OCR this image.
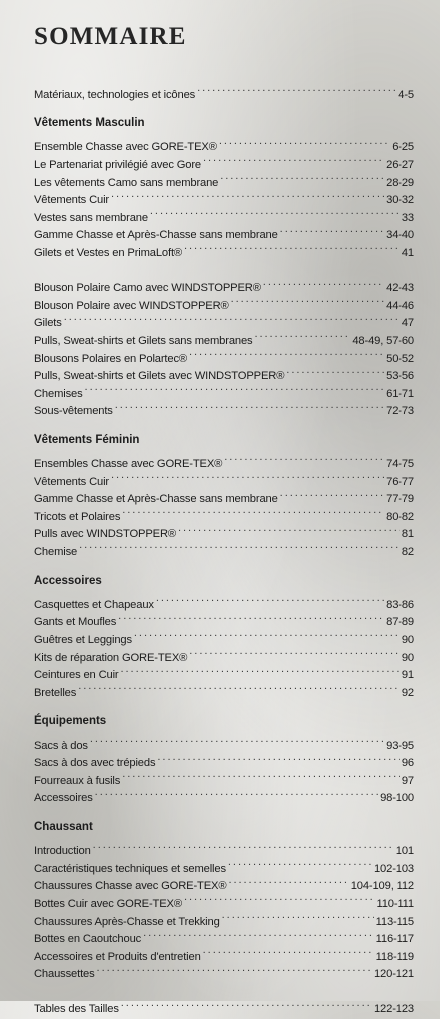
SOMMAIRE
Matériaux, technologies et icônes . . .	4-5
Vêtements Masculin
Ensemble Chasse avec GORE-TEX® . . .	6-25
Le Partenariat privilégié avec Gore . . .	26-27
Les vêtements Camo sans membrane . . .	28-29
Vêtements Cuir . . .	30-32
Vestes sans membrane . . .	33
Gamme Chasse et Après-Chasse sans membrane . . .	34-40
Gilets et Vestes en PrimaLoft® . . .	41
Blouson Polaire Camo avec WINDSTOPPER® . . .	42-43
Blouson Polaire avec WINDSTOPPER® . . .	44-46
Gilets . . .	47
Pulls, Sweat-shirts et Gilets sans membranes . . .	48-49, 57-60
Blousons Polaires en Polartec® . . .	50-52
Pulls, Sweat-shirts et Gilets avec WINDSTOPPER® . . .	53-56
Chemises . . .	61-71
Sous-vêtements . . .	72-73
Vêtements Féminin
Ensembles Chasse avec GORE-TEX® . . .	74-75
Vêtements Cuir . . .	76-77
Gamme Chasse et Après-Chasse sans membrane . . .	77-79
Tricots et Polaires . . .	80-82
Pulls avec WINDSTOPPER® . . .	81
Chemise . . .	82
Accessoires
Casquettes et Chapeaux . . .	83-86
Gants et Moufles . . .	87-89
Guêtres et Leggings . . .	90
Kits de réparation GORE-TEX® . . .	90
Ceintures en Cuir . . .	91
Bretelles . . .	92
Équipements
Sacs à dos . . .	93-95
Sacs à dos avec trépieds . . .	96
Fourreaux à fusils . . .	97
Accessoires . . .	98-100
Chaussant
Introduction . . .	101
Caractéristiques techniques et semelles . . .	102-103
Chaussures Chasse avec GORE-TEX® . . .	104-109, 112
Bottes Cuir avec GORE-TEX® . . .	110-111
Chaussures Après-Chasse et Trekking . . .	113-115
Bottes en Caoutchouc . . .	116-117
Accessoires et Produits d'entretien . . .	118-119
Chaussettes . . .	120-121
Tables des Tailles . . .	122-123
